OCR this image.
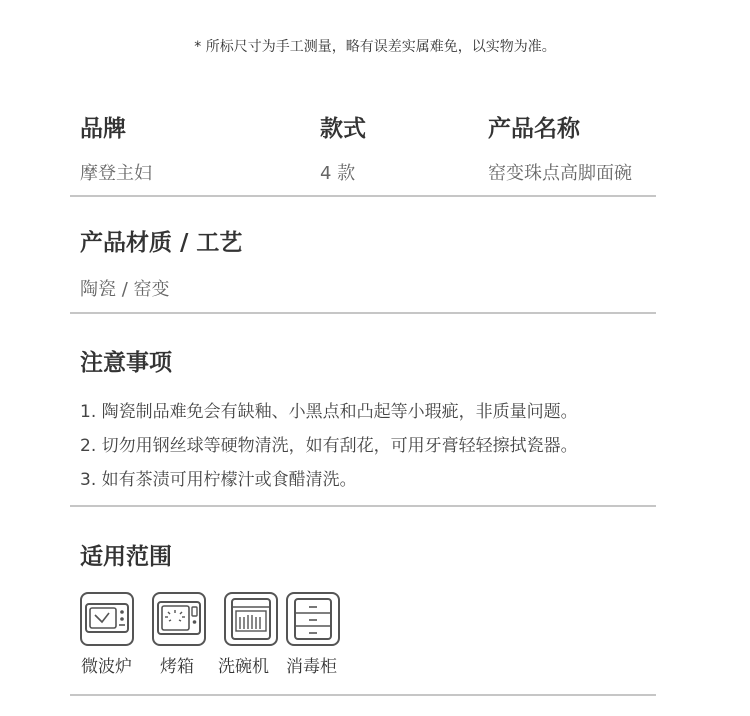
* 所标尺寸为手工测量，略有误差实属难免，以实物为准。
品牌
摩登主妇
款式
4 款
产品名称
窑变珠点高脚面碗
产品材质 / 工艺
陶瓷 / 窑变
注意事项
1. 陶瓷制品难免会有缺釉、小黑点和凸起等小瑕疵，非质量问题。
2. 切勿用钢丝球等硬物清洗，如有刮花，可用牙膏轻轻擦拭瓷器。
3. 如有茶渍可用柠檬汁或食醋清洗。
适用范围
微波炉 烤箱 洗碗机 消毒柜
